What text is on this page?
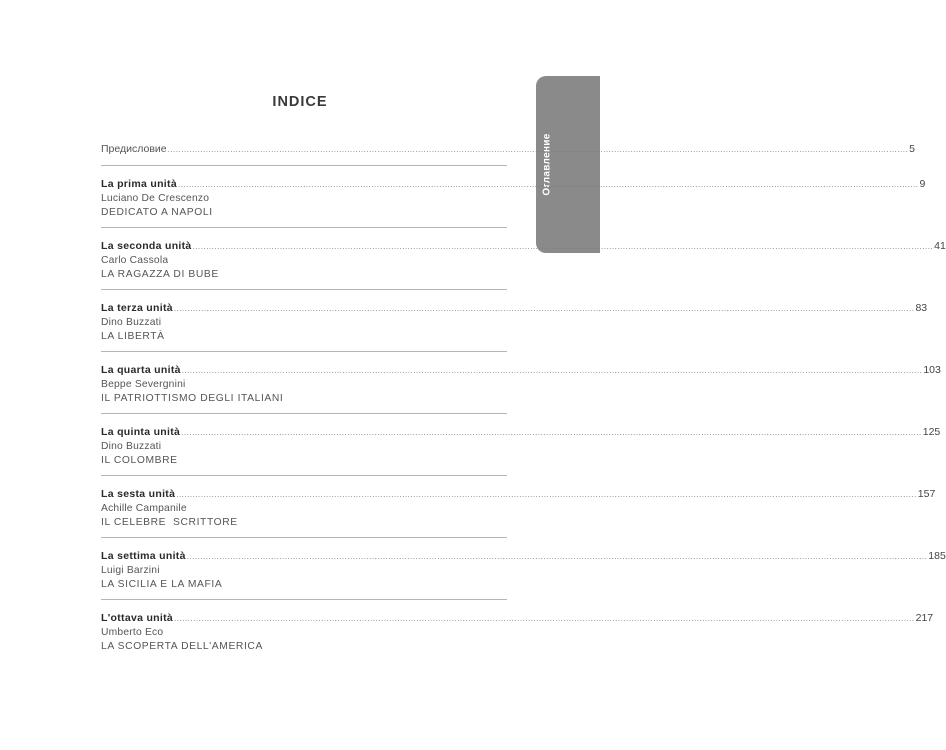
Оглавление
INDICE
Предисловие ................................................................................................................................................................................................................................................................................ 5
La prima unità ................................................................................................................................................................................................................................................................................ 9
Luciano De Crescenzo
DEDICATO A NAPOLI
La seconda unità ................................................................................................................................................................................................................................................................................ 41
Carlo Cassola
LA RAGAZZA DI BUBE
La terza unità ................................................................................................................................................................................................................................................................................ 83
Dino Buzzati
LA LIBERTÀ
La quarta unità ................................................................................................................................................................................................................................................................................ 103
Beppe Severgnini
IL PATRIOTTISMO DEGLI ITALIANI
La quinta unità ................................................................................................................................................................................................................................................................................ 125
Dino Buzzati
IL COLOMBRE
La sesta unità ................................................................................................................................................................................................................................................................................ 157
Achille Campanile
IL CELEBRE  SCRITTORE
La settima unità ................................................................................................................................................................................................................................................................................ 185
Luigi Barzini
LA SICILIA E LA MAFIA
L'ottava unità ................................................................................................................................................................................................................................................................................ 217
Umberto Eco
LA SCOPERTA DELL'AMERICA
